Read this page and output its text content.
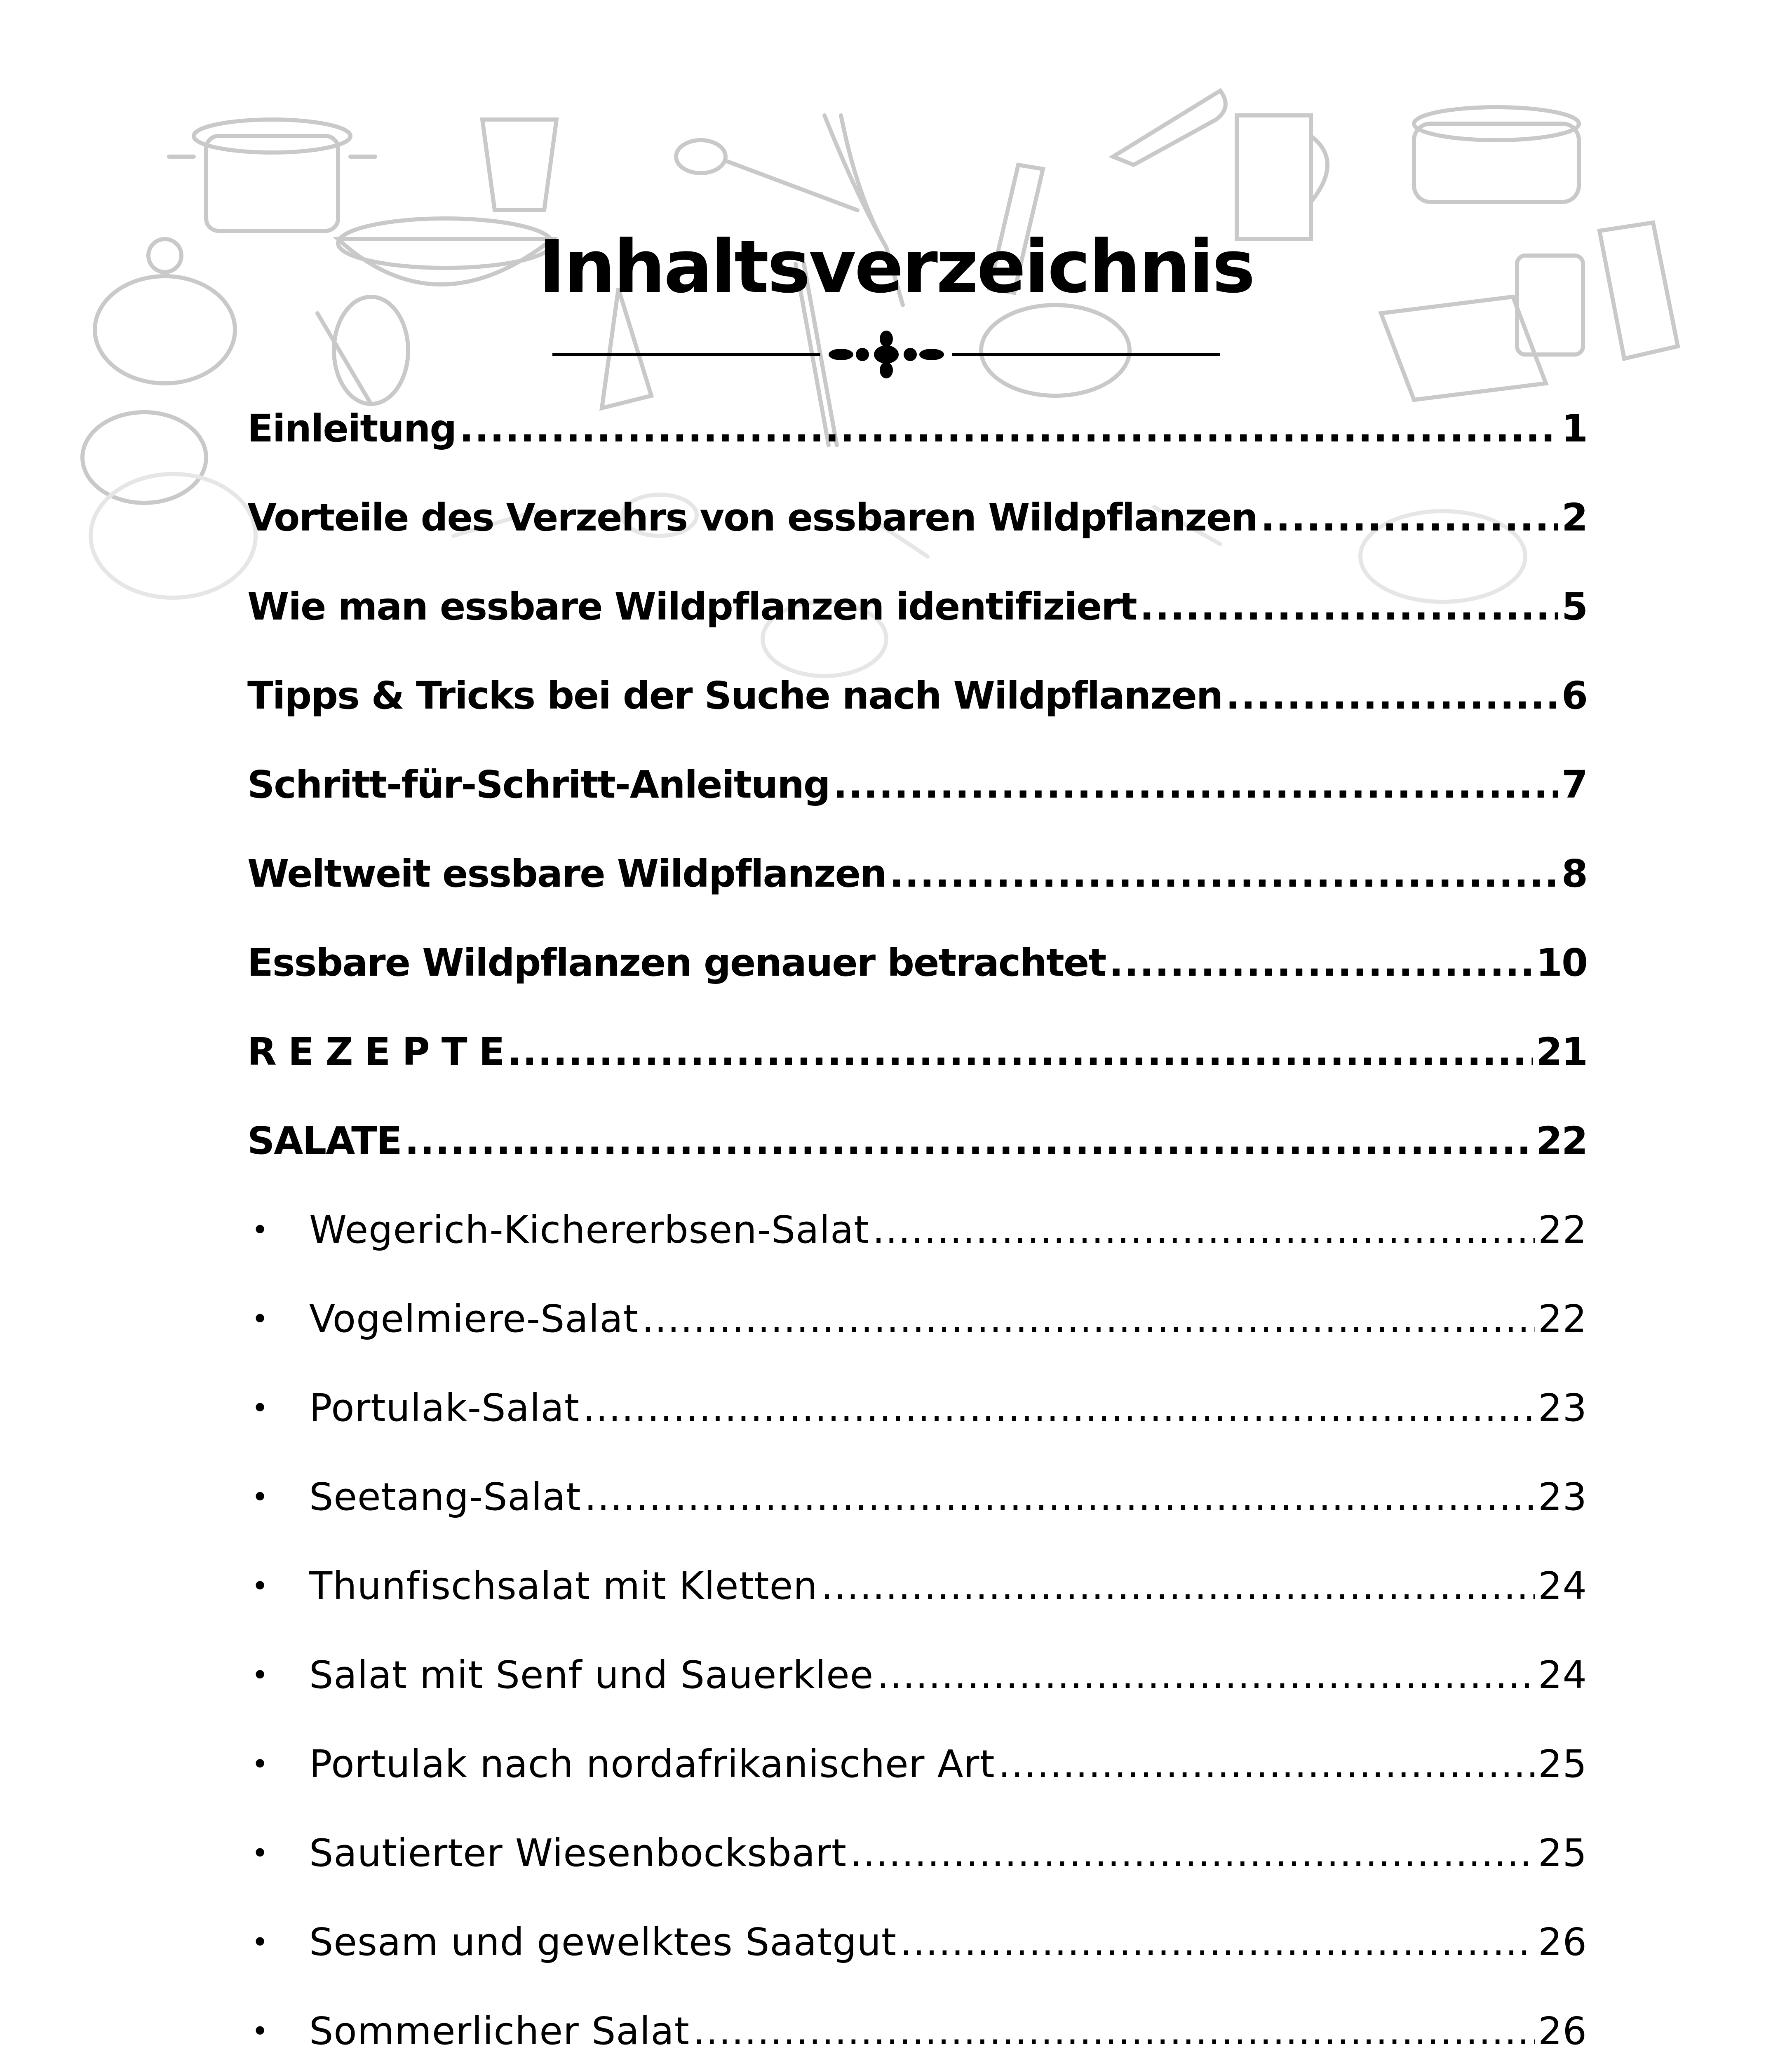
Inhaltsverzeichnis
Einleitung .....	1
Vorteile des Verzehrs von essbaren Wildpflanzen .....	2
Wie man essbare Wildpflanzen identifiziert .....	5
Tipps & Tricks bei der Suche nach Wildpflanzen .....	6
Schritt-für-Schritt-Anleitung .....	7
Weltweit essbare Wildpflanzen .....	8
Essbare Wildpflanzen genauer betrachtet .....	10
R E Z E P T E .....	21
SALATE .....	22
•	Wegerich-Kichererbsen-Salat .....	22
•	Vogelmiere-Salat .....	22
•	Portulak-Salat .....	23
•	Seetang-Salat .....	23
•	Thunfischsalat mit Kletten .....	24
•	Salat mit Senf und Sauerklee .....	24
•	Portulak nach nordafrikanischer Art .....	25
•	Sautierter Wiesenbocksbart .....	25
•	Sesam und gewelktes Saatgut .....	26
•	Sommerlicher Salat .....	26
